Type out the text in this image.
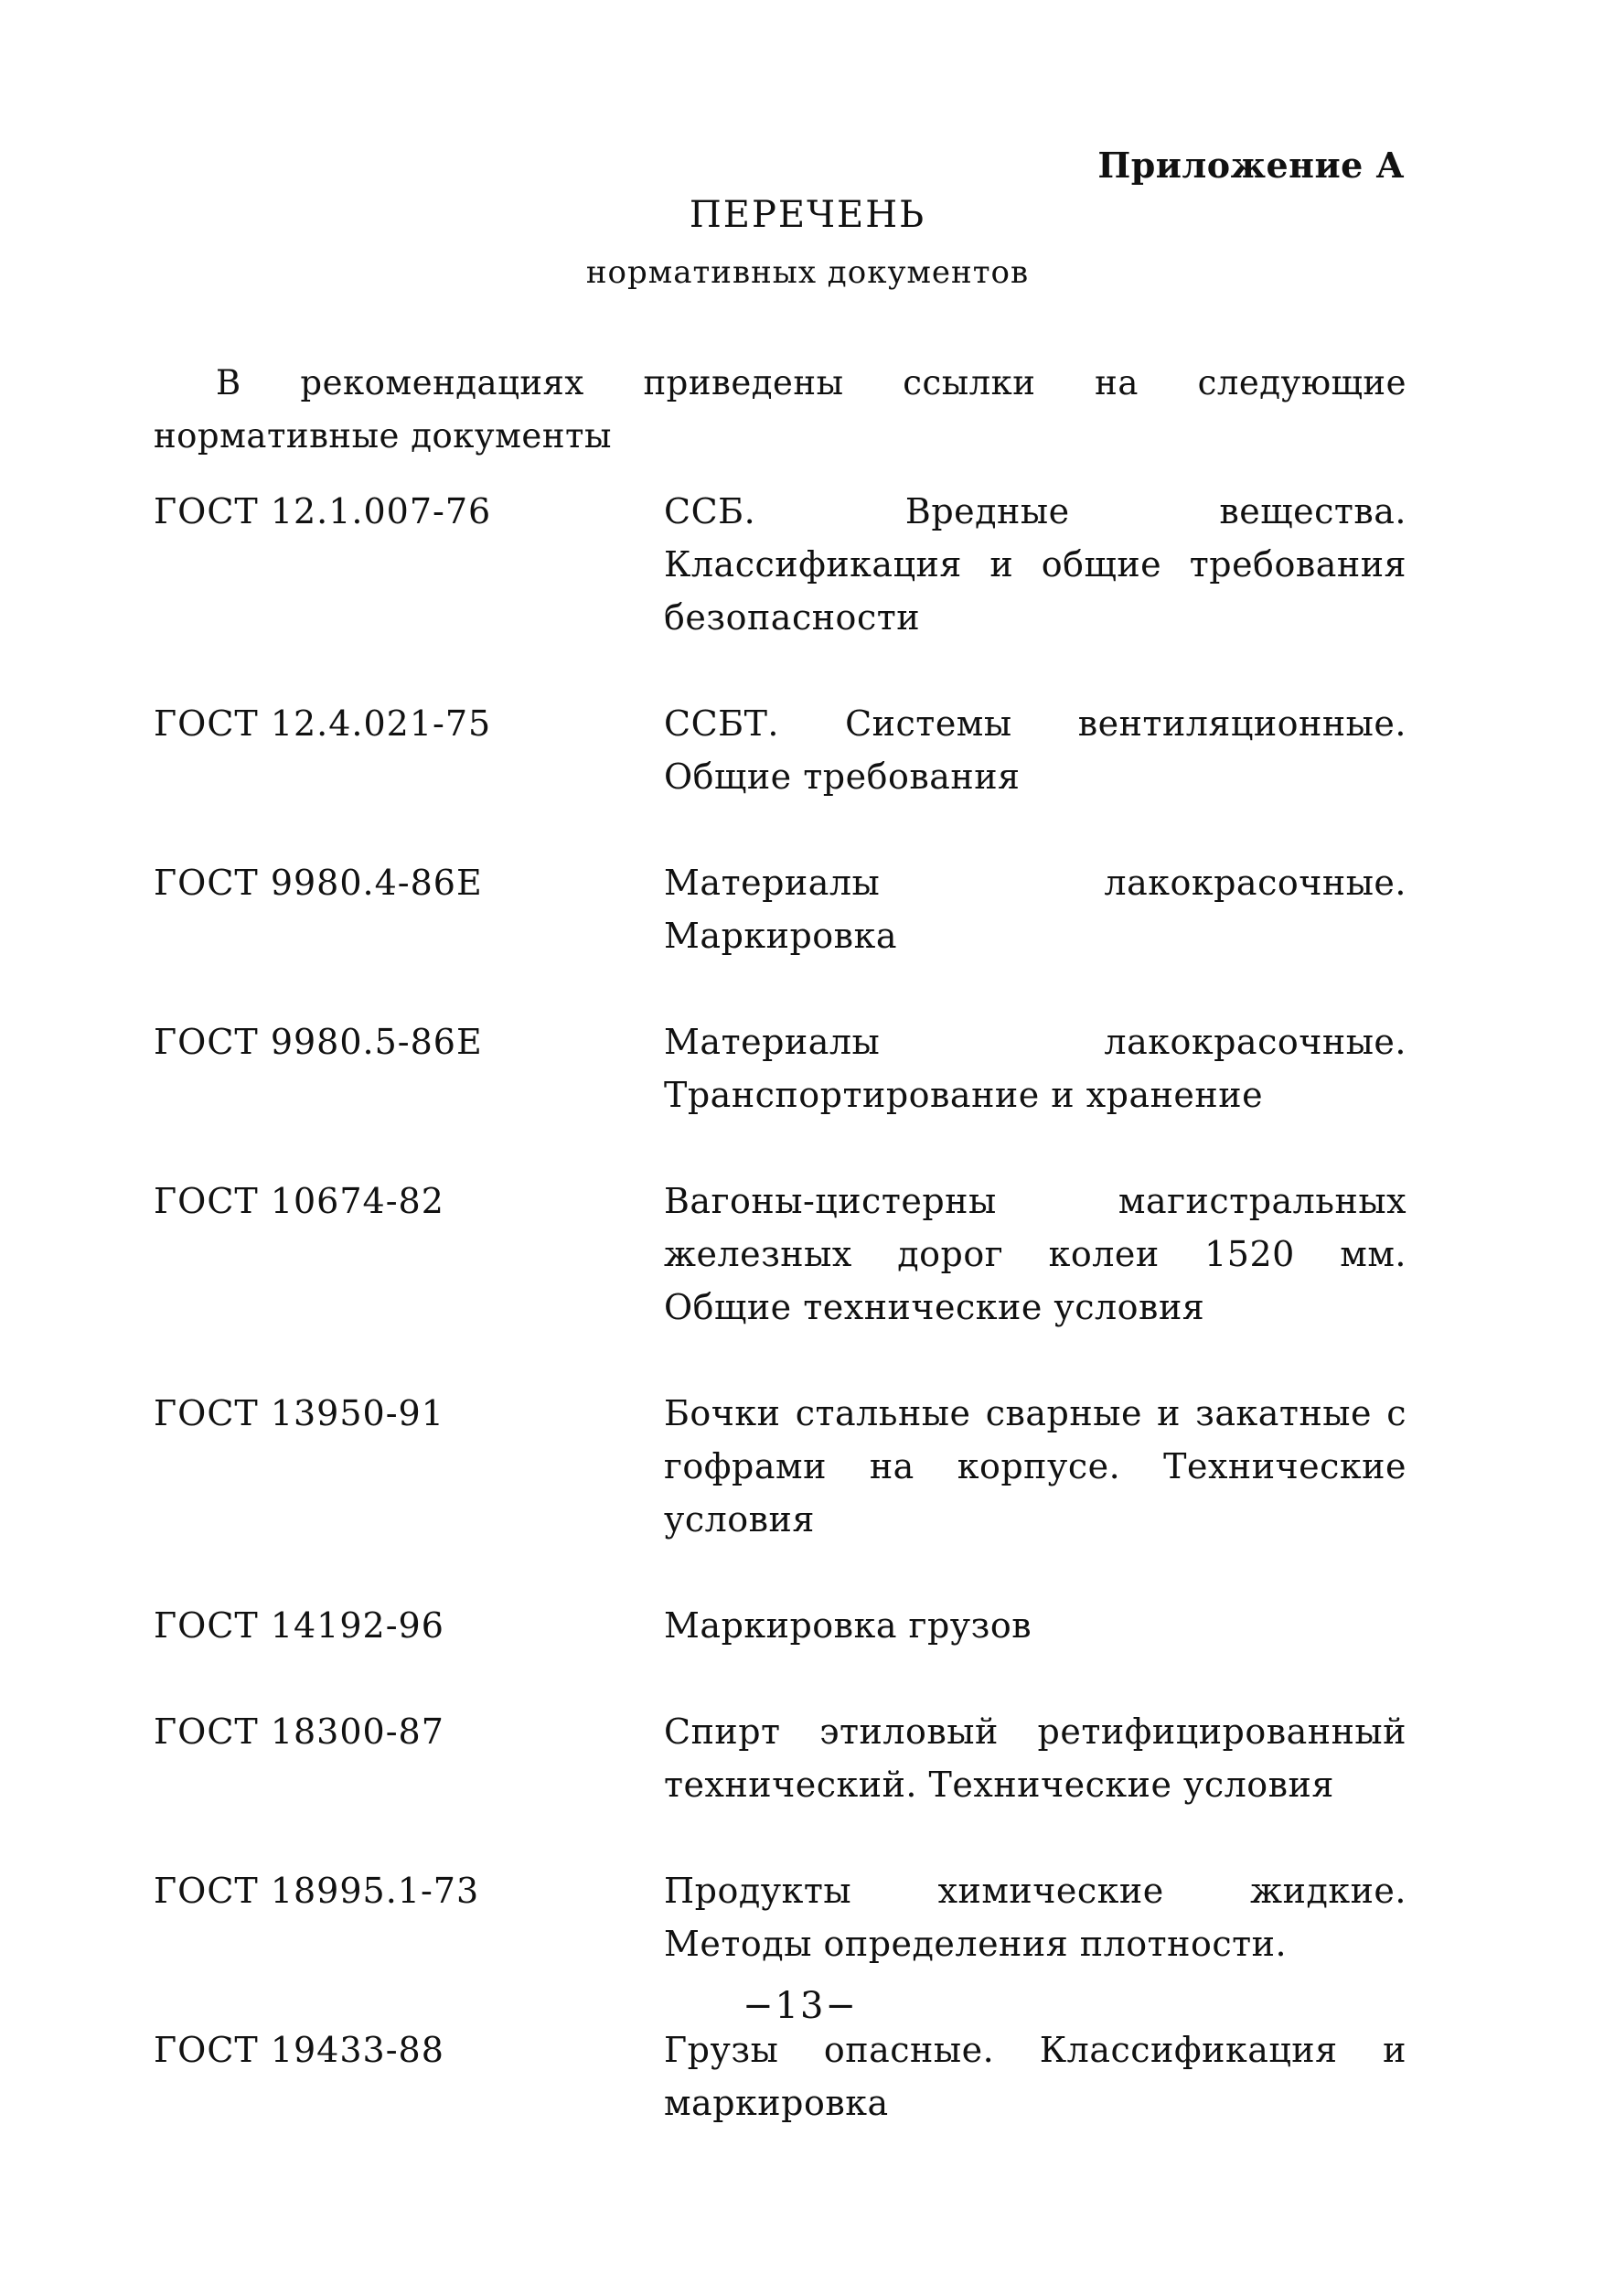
Приложение А
ПЕРЕЧЕНЬ
нормативных документов

В рекомендациях приведены ссылки на следующие нормативные документы

ГОСТ 12.1.007-76	ССБ. Вредные вещества. Классификация и общие требования безопасности
ГОСТ 12.4.021-75	ССБТ. Системы вентиляционные. Общие требования
ГОСТ 9980.4-86Е	Материалы лакокрасочные. Маркировка
ГОСТ 9980.5-86Е	Материалы лакокрасочные. Транспортирование и хранение
ГОСТ 10674-82	Вагоны-цистерны магистральных железных дорог колеи 1520 мм. Общие технические условия
ГОСТ 13950-91	Бочки стальные сварные и закатные с гофрами на корпусе. Технические условия
ГОСТ 14192-96	Маркировка грузов
ГОСТ 18300-87	Спирт этиловый ретифицированный технический. Технические условия
ГОСТ 18995.1-73	Продукты химические жидкие. Методы определения плотности.
ГОСТ 19433-88	Грузы опасные. Классификация и маркировка
−13−
